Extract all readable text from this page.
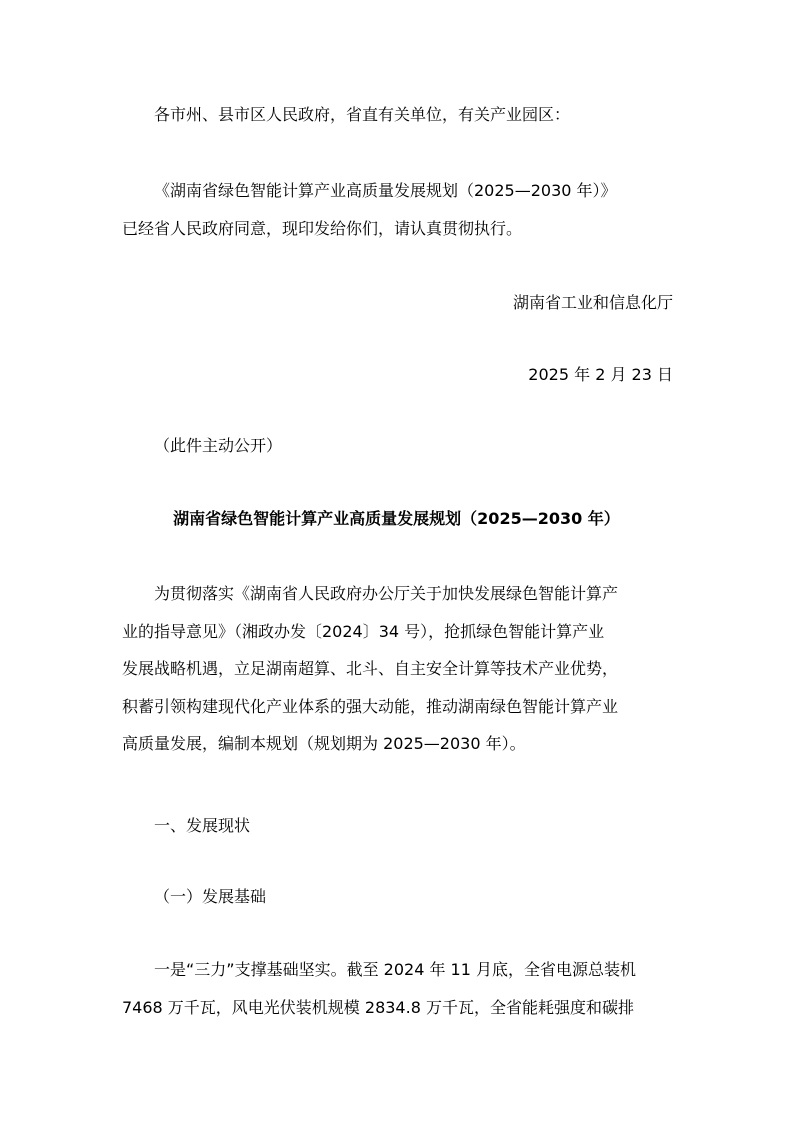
各市州、县市区人民政府，省直有关单位，有关产业园区：

《湖南省绿色智能计算产业高质量发展规划（2025—2030 年）》

已经省人民政府同意，现印发给你们，请认真贯彻执行。

湖南省工业和信息化厅

2025 年 2 月 23 日

（此件主动公开）

湖南省绿色智能计算产业高质量发展规划（2025—2030 年）

为贯彻落实《湖南省人民政府办公厅关于加快发展绿色智能计算产

业的指导意见》（湘政办发〔2024〕34 号），抢抓绿色智能计算产业

发展战略机遇，立足湖南超算、北斗、自主安全计算等技术产业优势，

积蓄引领构建现代化产业体系的强大动能，推动湖南绿色智能计算产业

高质量发展，编制本规划（规划期为 2025—2030 年）。

一、发展现状

（一）发展基础

一是“三力”支撑基础坚实。截至 2024 年 11 月底，全省电源总装机

7468 万千瓦，风电光伏装机规模 2834.8 万千瓦，全省能耗强度和碳排
